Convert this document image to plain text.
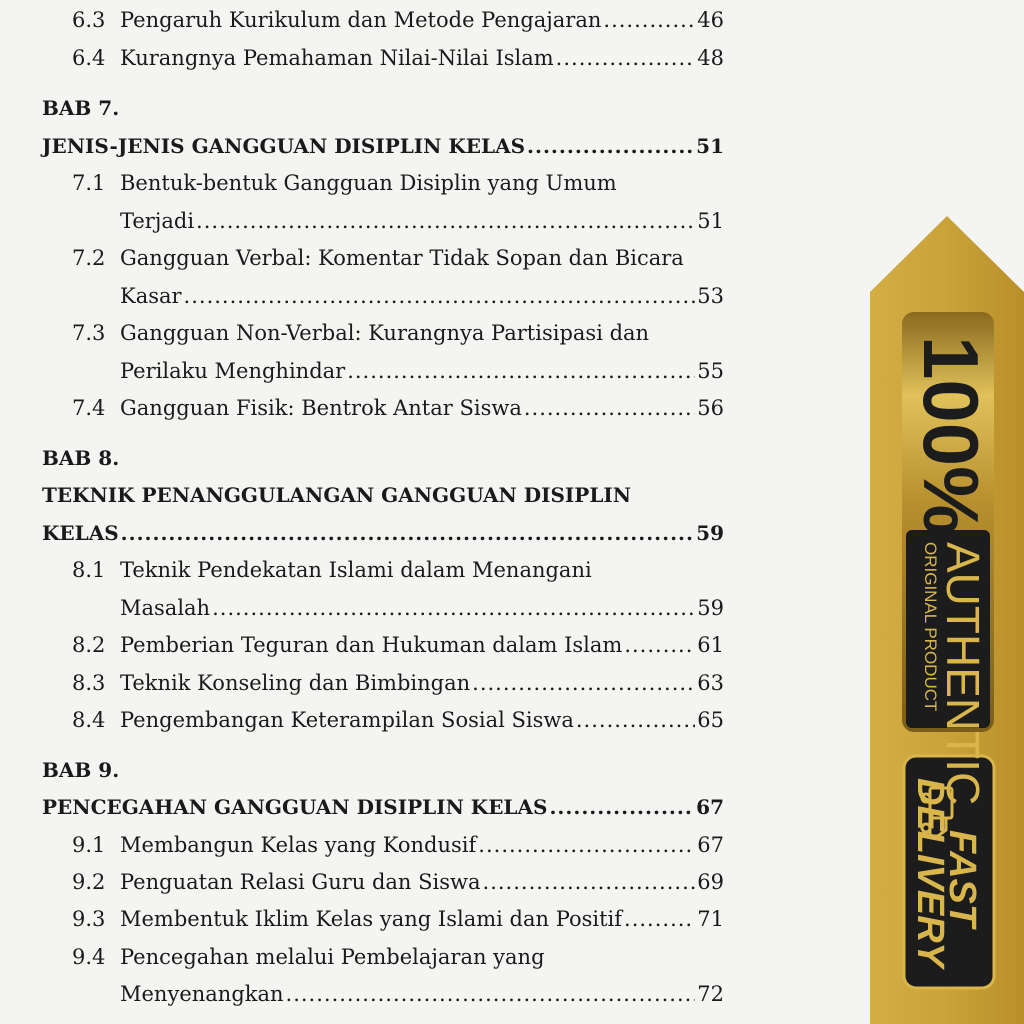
6.3 Pengaruh Kurikulum dan Metode Pengajaran .....	46
6.4 Kurangnya Pemahaman Nilai-Nilai Islam .....	48
BAB 7.
JENIS-JENIS GANGGUAN DISIPLIN KELAS .....	51
7.1 Bentuk-bentuk Gangguan Disiplin yang Umum
Terjadi .....	51
7.2 Gangguan Verbal: Komentar Tidak Sopan dan Bicara
Kasar .....	53
7.3 Gangguan Non-Verbal: Kurangnya Partisipasi dan
Perilaku Menghindar .....	55
7.4 Gangguan Fisik: Bentrok Antar Siswa .....	56
BAB 8.
TEKNIK PENANGGULANGAN GANGGUAN DISIPLIN
KELAS .....	59
8.1 Teknik Pendekatan Islami dalam Menangani
Masalah .....	59
8.2 Pemberian Teguran dan Hukuman dalam Islam .....	61
8.3 Teknik Konseling dan Bimbingan .....	63
8.4 Pengembangan Keterampilan Sosial Siswa .....	65
BAB 9.
PENCEGAHAN GANGGUAN DISIPLIN KELAS .....	67
9.1 Membangun Kelas yang Kondusif .....	67
9.2 Penguatan Relasi Guru dan Siswa .....	69
9.3 Membentuk Iklim Kelas yang Islami dan Positif .....	71
9.4 Pencegahan melalui Pembelajaran yang
Menyenangkan .....	72
100%
AUTHENTIC
ORIGINAL PRODUCT
FAST
DELIVERY
